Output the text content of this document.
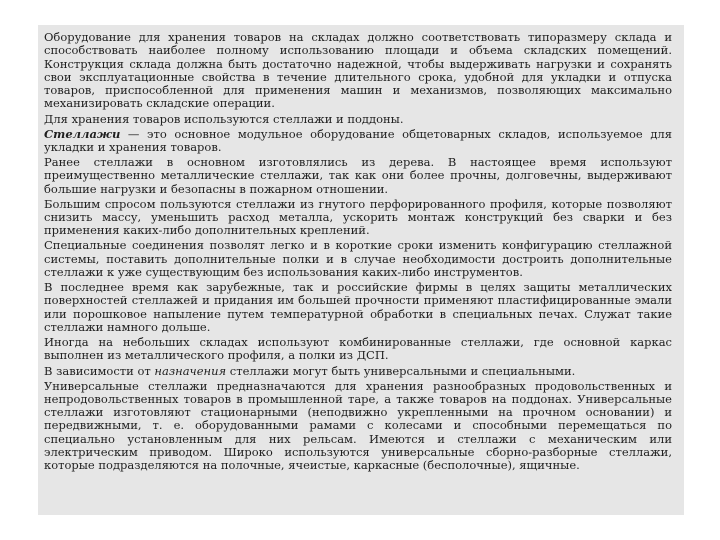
Оборудование для хранения товаров на складах должно соответствовать типоразмеру склада и способствовать наиболее полному использованию площади и объема складских помещений. Конструкция склада должна быть достаточно надежной, чтобы выдерживать нагрузки и сохранять свои эксплуатационные свойства в течение длительного срока, удобной для укладки и отпуска товаров, приспособленной для применения машин и механизмов, позволяющих максимально механизировать складские операции.

Для хранения товаров используются стеллажи и поддоны.

Стеллажи — это основное модульное оборудование общетоварных складов, используемое для укладки и хранения товаров.

Ранее стеллажи в основном изготовлялись из дерева. В настоящее время используют преимущественно металлические стеллажи, так как они более прочны, долговечны, выдерживают большие нагрузки и безопасны в пожарном отношении.

Большим спросом пользуются стеллажи из гнутого перфорированного профиля, которые позволяют снизить массу, уменьшить расход металла, ускорить монтаж конструкций без сварки и без применения каких-либо дополнительных креплений.

Специальные соединения позволят легко и в короткие сроки изменить конфигурацию стеллажной системы, поставить дополнительные полки и в случае необходимости достроить дополнительные стеллажи к уже существующим без использования каких-либо инструментов.

В последнее время как зарубежные, так и российские фирмы в целях защиты металлических поверхностей стеллажей и придания им большей прочности применяют пластифицированные эмали или порошковое напыление путем температурной обработки в специальных печах. Служат такие стеллажи намного дольше.

Иногда на небольших складах используют комбинированные стеллажи, где основной каркас выполнен из металлического профиля, а полки из ДСП.

В зависимости от назначения стеллажи могут быть универсальными и специальными.

Универсальные стеллажи предназначаются для хранения разнообразных продовольственных и непродовольственных товаров в промышленной таре, а также товаров на поддонах. Универсальные стеллажи изготовляют стационарными (неподвижно укрепленными на прочном основании) и передвижными, т. е. оборудованными рамами с колесами и способными перемещаться по специально установленным для них рельсам. Имеются и стеллажи с механическим или электрическим приводом. Широко используются универсальные сборно-разборные стеллажи, которые подразделяются на полочные, ячеистые, каркасные (бесполочные), ящичные.
